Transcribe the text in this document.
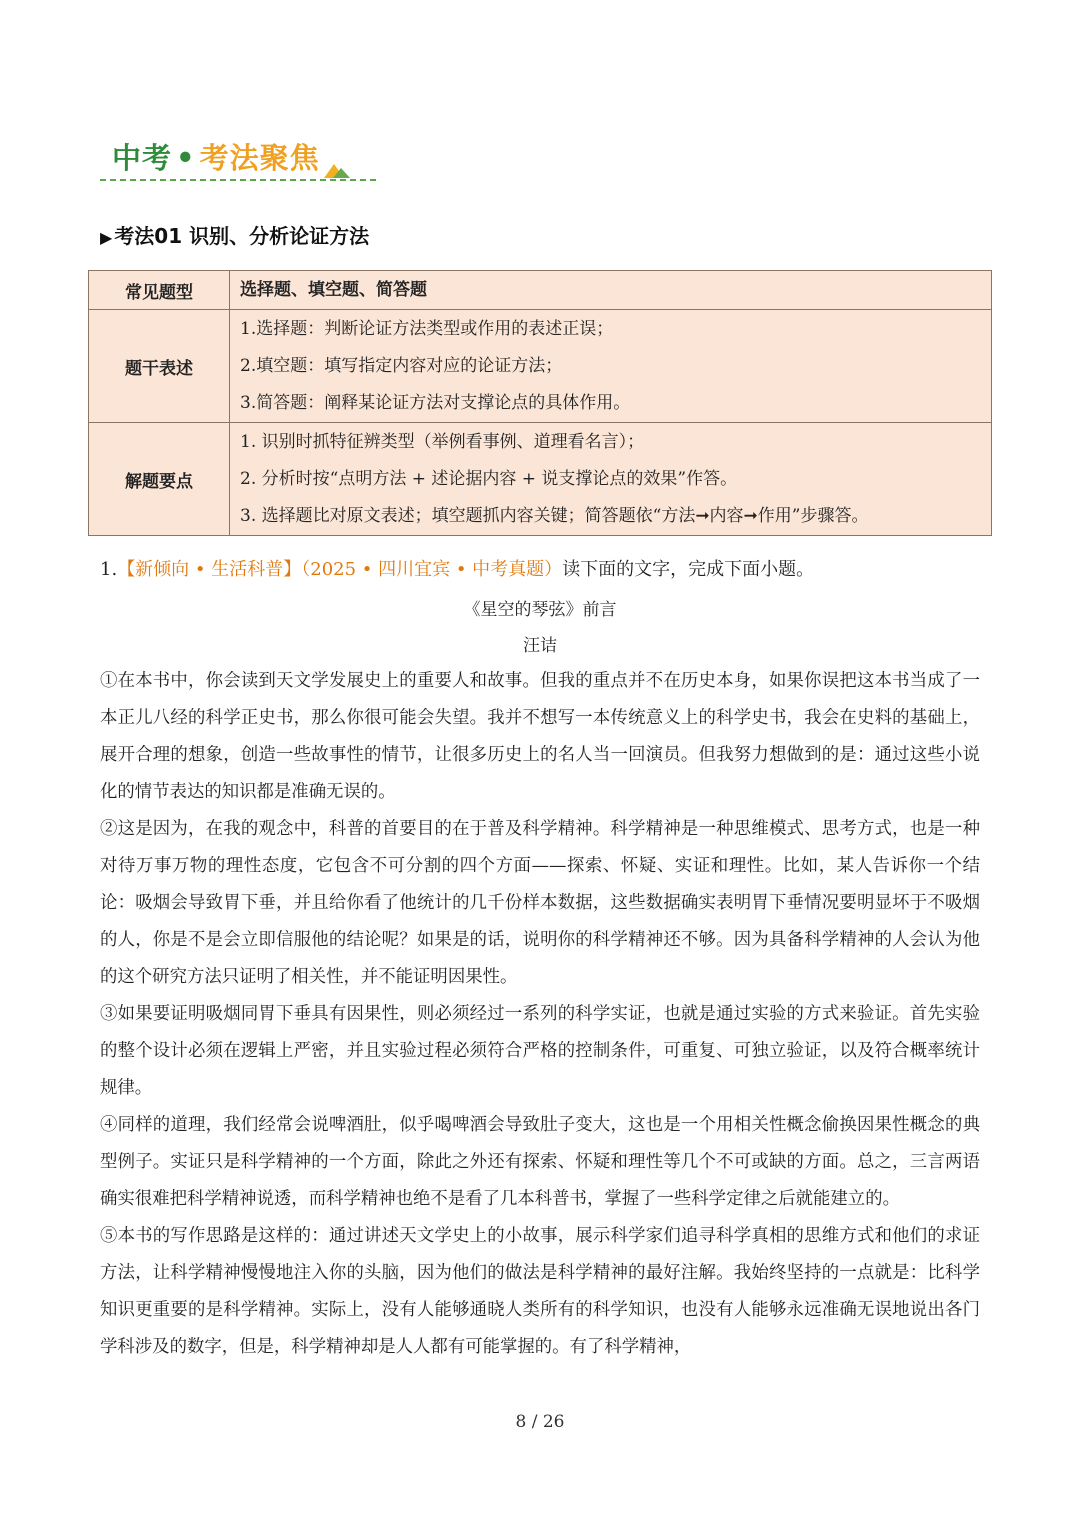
中考 • 考法聚焦
▶ 考法01 识别、分析论证方法
常见题型	选择题、填空题、简答题

题干表述	1.选择题：判断论证方法类型或作用的表述正误；
2.填空题：填写指定内容对应的论证方法；
3.简答题：阐释某论证方法对支撑论点的具体作用。

解题要点	1. 识别时抓特征辨类型（举例看事例、道理看名言）；
2. 分析时按“点明方法 + 述论据内容 + 说支撑论点的效果”作答。
3. 选择题比对原文表述；填空题抓内容关键；简答题依“方法➞内容➞作用”步骤答。
1.【新倾向 • 生活科普】（2025 • 四川宜宾 • 中考真题）读下面的文字，完成下面小题。
《星空的琴弦》前言
汪诘

①在本书中，你会读到天文学发展史上的重要人和故事。但我的重点并不在历史本身，如果你误把这本书当成了一本正儿八经的科学正史书，那么你很可能会失望。我并不想写一本传统意义上的科学史书，我会在史料的基础上，展开合理的想象，创造一些故事性的情节，让很多历史上的名人当一回演员。但我努力想做到的是：通过这些小说化的情节表达的知识都是准确无误的。

②这是因为，在我的观念中，科普的首要目的在于普及科学精神。科学精神是一种思维模式、思考方式，也是一种对待万事万物的理性态度，它包含不可分割的四个方面——探索、怀疑、实证和理性。比如，某人告诉你一个结论：吸烟会导致胃下垂，并且给你看了他统计的几千份样本数据，这些数据确实表明胃下垂情况要明显坏于不吸烟的人，你是不是会立即信服他的结论呢？如果是的话，说明你的科学精神还不够。因为具备科学精神的人会认为他的这个研究方法只证明了相关性，并不能证明因果性。

③如果要证明吸烟同胃下垂具有因果性，则必须经过一系列的科学实证，也就是通过实验的方式来验证。首先实验的整个设计必须在逻辑上严密，并且实验过程必须符合严格的控制条件，可重复、可独立验证，以及符合概率统计规律。

④同样的道理，我们经常会说啤酒肚，似乎喝啤酒会导致肚子变大，这也是一个用相关性概念偷换因果性概念的典型例子。实证只是科学精神的一个方面，除此之外还有探索、怀疑和理性等几个不可或缺的方面。总之，三言两语确实很难把科学精神说透，而科学精神也绝不是看了几本科普书，掌握了一些科学定律之后就能建立的。

⑤本书的写作思路是这样的：通过讲述天文学史上的小故事，展示科学家们追寻科学真相的思维方式和他们的求证方法，让科学精神慢慢地注入你的头脑，因为他们的做法是科学精神的最好注解。我始终坚持的一点就是：比科学知识更重要的是科学精神。实际上，没有人能够通晓人类所有的科学知识，也没有人能够永远准确无误地说出各门学科涉及的数字，但是，科学精神却是人人都有可能掌握的。有了科学精神，

8 / 26
